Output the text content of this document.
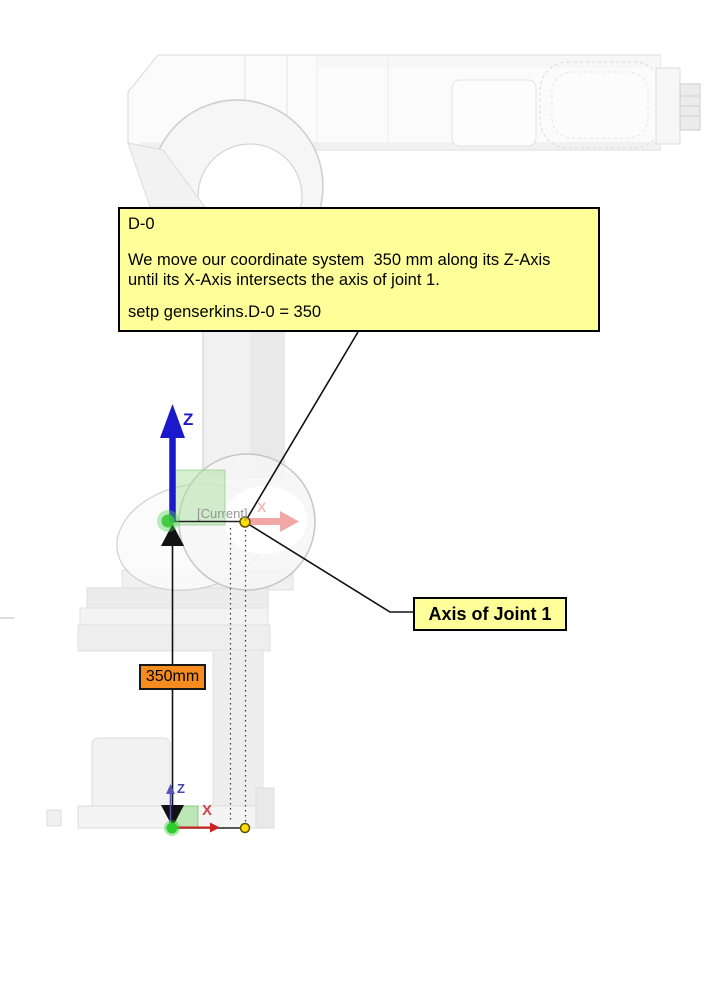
D-0

We move our coordinate system  350 mm along its Z-Axis

until its X-Axis intersects the axis of joint 1.

setp genserkins.D-0 = 350

Axis of Joint 1
350mm
[Current]
Z
X
Z
X
